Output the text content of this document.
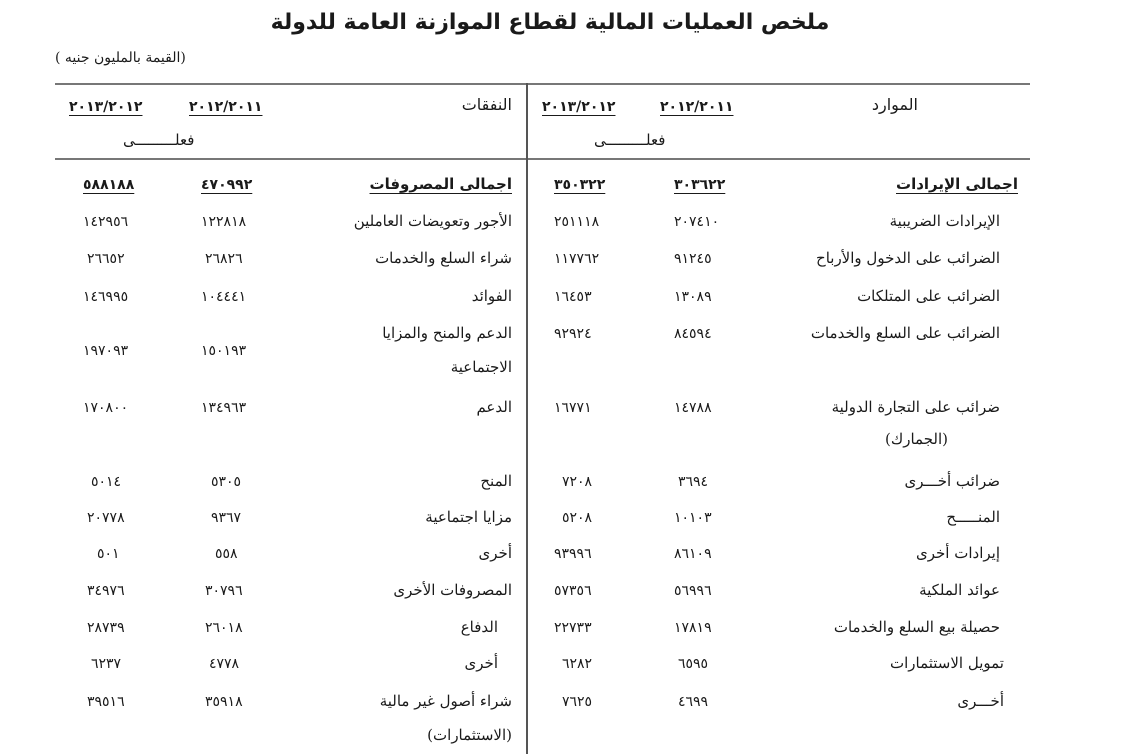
ملخص العمليات المالية لقطاع الموازنة العامة للدولة
(القيمة بالمليون جنيه )
الموارد
٢٠١٢/٢٠١١
٢٠١٣/٢٠١٢
فعلـــــــــى
اجمالى الإيرادات
٣٠٣٦٢٢
٣٥٠٣٢٢
الإيرادات الضريبية
٢٠٧٤١٠
٢٥١١١٨
الضرائب على الدخول والأرباح
٩١٢٤٥
١١٧٧٦٢
الضرائب على المتلكات
١٣٠٨٩
١٦٤٥٣
الضرائب على السلع والخدمات
٨٤٥٩٤
٩٢٩٢٤
ضرائب على التجارة الدولية
(الجمارك)
١٤٧٨٨
١٦٧٧١
ضرائب أخـــرى
٣٦٩٤
٧٢٠٨
المنـــــح
١٠١٠٣
٥٢٠٨
إيرادات أخرى
٨٦١٠٩
٩٣٩٩٦
عوائد الملكية
٥٦٩٩٦
٥٧٣٥٦
حصيلة بيع السلع والخدمات
١٧٨١٩
٢٢٧٣٣
تمويل الاستثمارات
٦٥٩٥
٦٢٨٢
أخـــرى
٤٦٩٩
٧٦٢٥
النفقات
٢٠١٢/٢٠١١
٢٠١٣/٢٠١٢
فعلـــــــــى
اجمالى المصروفات
٤٧٠٩٩٢
٥٨٨١٨٨
الأجور وتعويضات العاملين
١٢٢٨١٨
١٤٢٩٥٦
شراء السلع والخدمات
٢٦٨٢٦
٢٦٦٥٢
الفوائد
١٠٤٤٤١
١٤٦٩٩٥
الدعم والمنح والمزايا
الاجتماعية
١٥٠١٩٣
١٩٧٠٩٣
الدعم
١٣٤٩٦٣
١٧٠٨٠٠
المنح
٥٣٠٥
٥٠١٤
مزايا اجتماعية
٩٣٦٧
٢٠٧٧٨
أخرى
٥٥٨
٥٠١
المصروفات الأخرى
٣٠٧٩٦
٣٤٩٧٦
الدفاع
٢٦٠١٨
٢٨٧٣٩
أخرى
٤٧٧٨
٦٢٣٧
شراء أصول غير مالية
(الاستثمارات)
٣٥٩١٨
٣٩٥١٦
